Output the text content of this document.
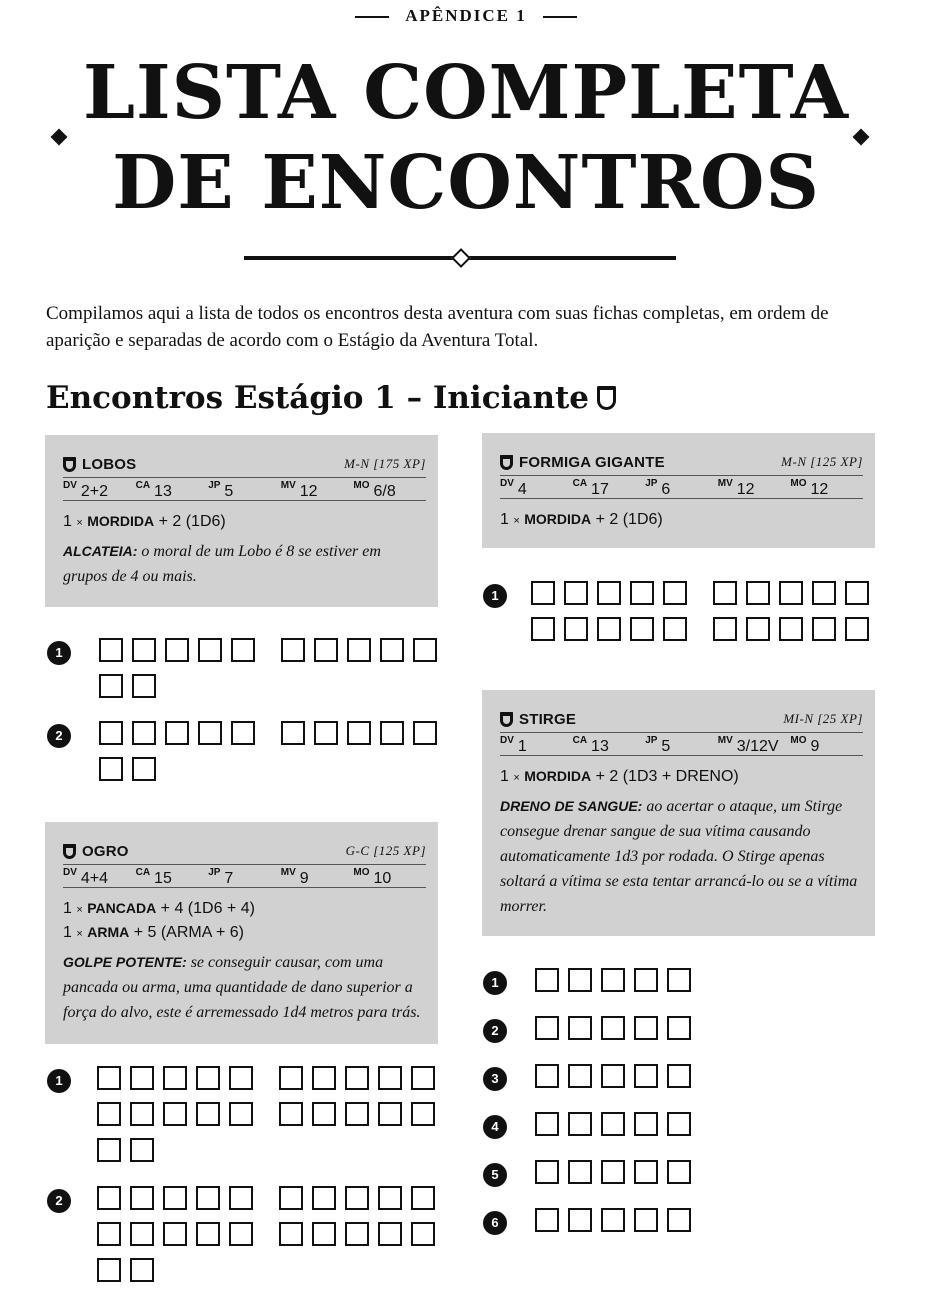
APÊNDICE 1
LISTA COMPLETA
DE ENCONTROS
Compilamos aqui a lista de todos os encontros desta aventura com suas fichas completas, em ordem de aparição e separadas de acordo com o Estágio da Aventura Total.
Encontros Estágio 1 – Iniciante
LOBOS	M-N [175 XP]
DV 2+2	CA 13	JP 5	MV 12	MO 6/8
1 × MORDIDA + 2 (1D6)
ALCATEIA: o moral de um Lobo é 8 se estiver em grupos de 4 ou mais.
FORMIGA GIGANTE	M-N [125 XP]
DV 4	CA 17	JP 6	MV 12	MO 12
1 × MORDIDA + 2 (1D6)
STIRGE	MI-N [25 XP]
DV 1	CA 13	JP 5	MV 3/12V MO 9
1 × MORDIDA + 2 (1D3 + DRENO)
DRENO DE SANGUE: ao acertar o ataque, um Stirge consegue drenar sangue de sua vítima causando automaticamente 1d3 por rodada. O Stirge apenas soltará a vítima se esta tentar arrancá-lo ou se a vítima morrer.
OGRO	G-C [125 XP]
DV 4+4	CA 15	JP 7	MV 9	MO 10
1 × PANCADA + 4 (1D6 + 4)
1 × ARMA + 5 (ARMA + 6)
GOLPE POTENTE: se conseguir causar, com uma pancada ou arma, uma quantidade de dano superior a força do alvo, este é arremessado 1d4 metros para trás.
1
2
1
1
2
1
2
3
4
5
6
